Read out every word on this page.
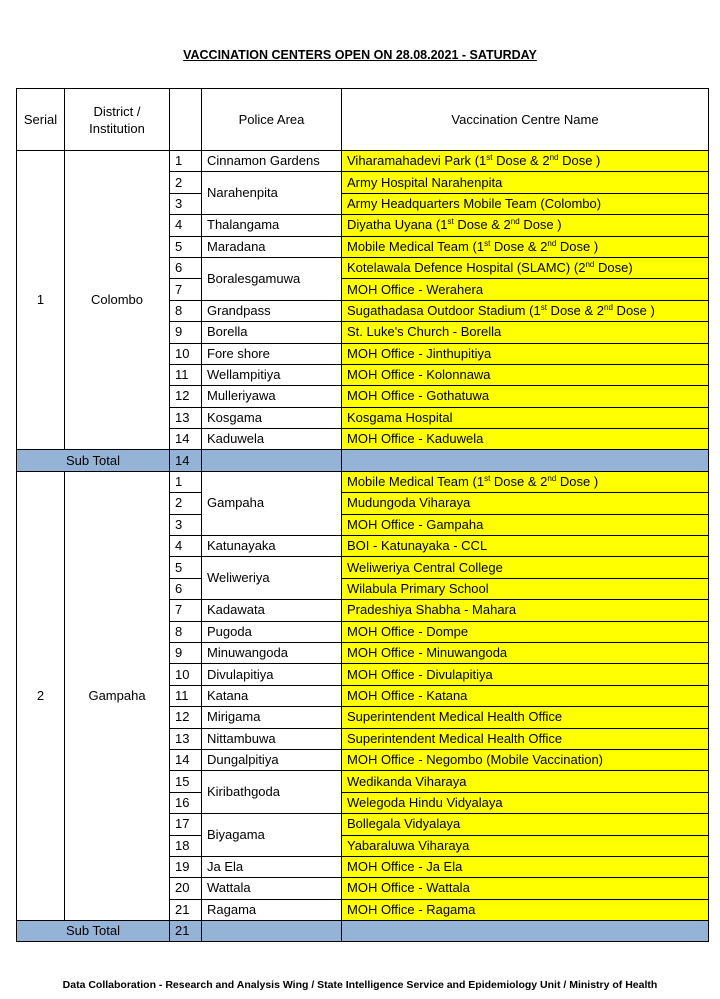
VACCINATION CENTERS OPEN ON 28.08.2021 - SATURDAY
Serial	District /
Institution		Police Area	Vaccination Centre Name
1	Colombo	1	Cinnamon Gardens	Viharamahadevi Park (1st Dose & 2nd Dose )
		2	Narahenpita	Army Hospital Narahenpita
		3		Army Headquarters Mobile Team (Colombo)
		4	Thalangama	Diyatha Uyana (1st Dose & 2nd Dose )
		5	Maradana	Mobile Medical Team (1st Dose & 2nd Dose )
		6	Boralesgamuwa	Kotelawala Defence Hospital (SLAMC) (2nd Dose)
		7		MOH Office - Werahera
		8	Grandpass	Sugathadasa Outdoor Stadium (1st Dose & 2nd Dose )
		9	Borella	St. Luke's Church - Borella
		10	Fore shore	MOH Office - Jinthupitiya
		11	Wellampitiya	MOH Office - Kolonnawa
		12	Mulleriyawa	MOH Office - Gothatuwa
		13	Kosgama	Kosgama Hospital
		14	Kaduwela	MOH Office - Kaduwela
Sub Total		14		
2	Gampaha	1	Gampaha	Mobile Medical Team (1st Dose & 2nd Dose )
		2		Mudungoda Viharaya
		3		MOH Office - Gampaha
		4	Katunayaka	BOI - Katunayaka - CCL
		5	Weliweriya	Weliweriya Central College
		6		Wilabula Primary School
		7	Kadawata	Pradeshiya Shabha - Mahara
		8	Pugoda	MOH Office - Dompe
		9	Minuwangoda	MOH Office - Minuwangoda
		10	Divulapitiya	MOH Office - Divulapitiya
		11	Katana	MOH Office - Katana
		12	Mirigama	Superintendent Medical Health Office
		13	Nittambuwa	Superintendent Medical Health Office
		14	Dungalpitiya	MOH Office - Negombo (Mobile Vaccination)
		15	Kiribathgoda	Wedikanda Viharaya
		16		Welegoda Hindu Vidyalaya
		17	Biyagama	Bollegala Vidyalaya
		18		Yabaraluwa Viharaya
		19	Ja Ela	MOH Office - Ja Ela
		20	Wattala	MOH Office - Wattala
		21	Ragama	MOH Office - Ragama
Sub Total		21		
Data Collaboration - Research and Analysis Wing / State Intelligence Service and Epidemiology Unit / Ministry of Health
